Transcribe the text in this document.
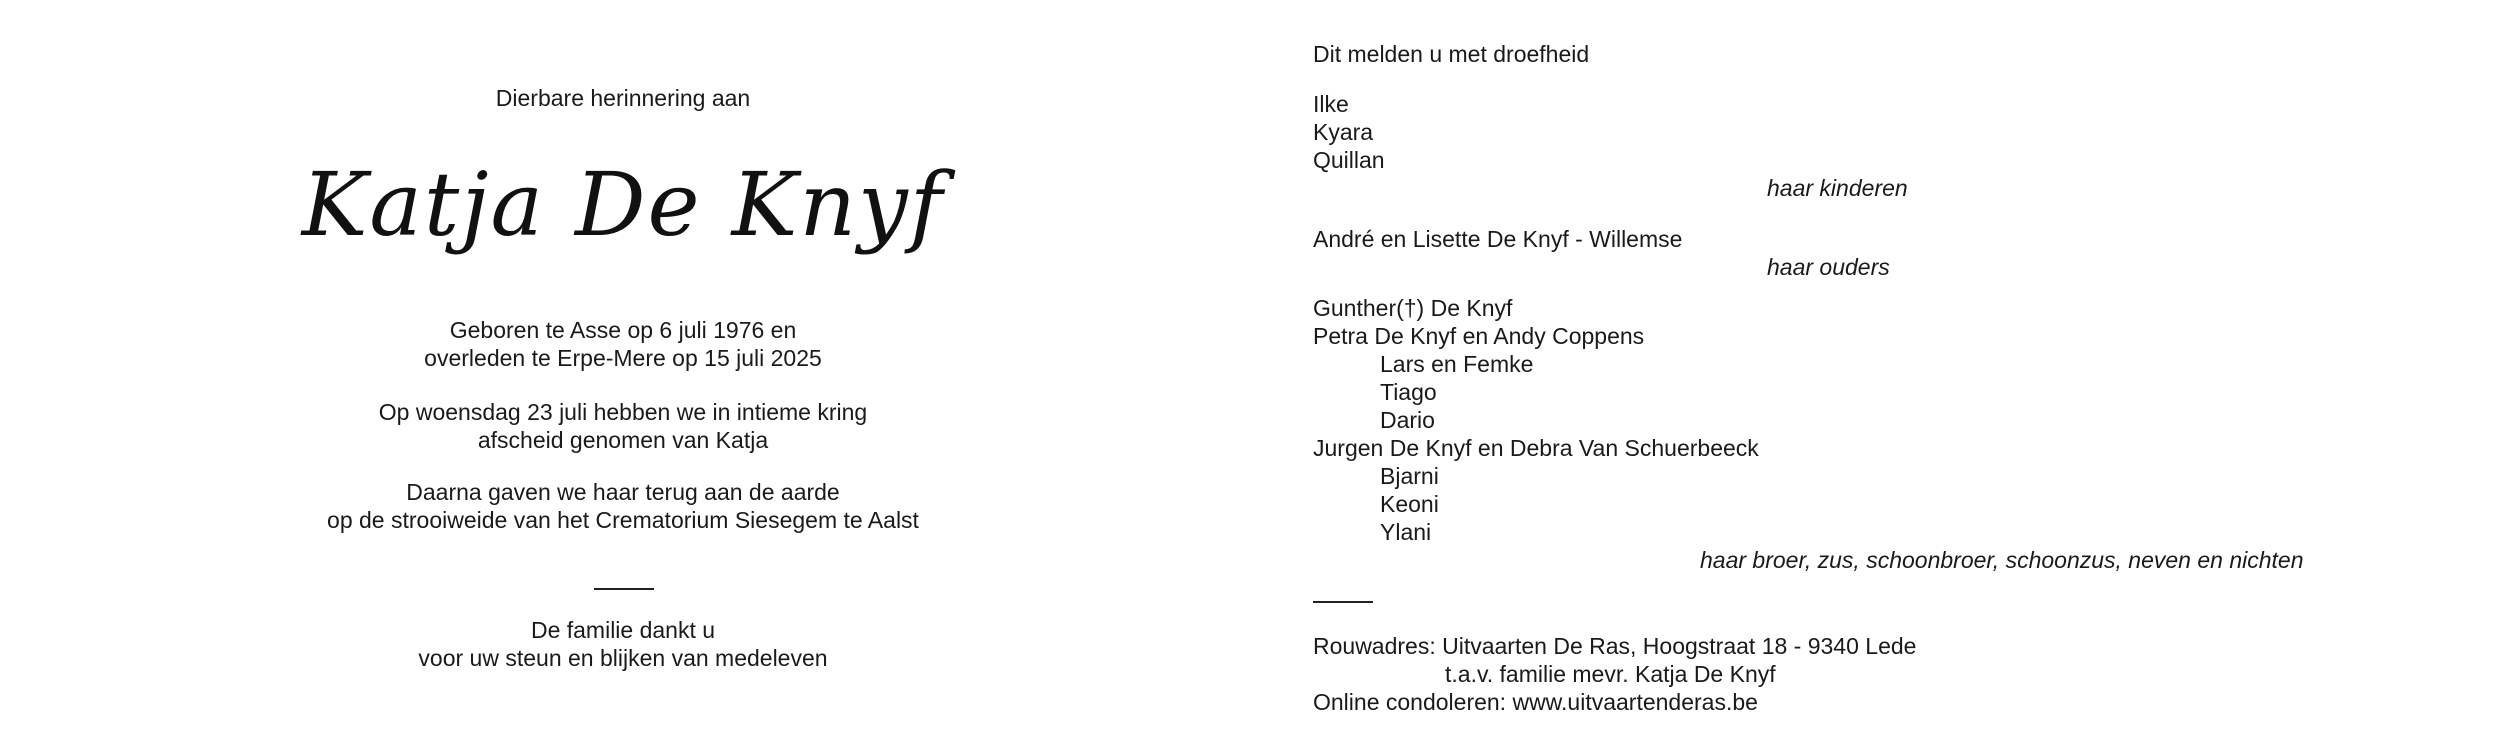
Dierbare herinnering aan
Katja De Knyf
Geboren te Asse op 6 juli 1976 en
overleden te Erpe-Mere op 15 juli 2025
Op woensdag 23 juli hebben we in intieme kring
afscheid genomen van Katja
Daarna gaven we haar terug aan de aarde
op de strooiweide van het Crematorium Siesegem te Aalst
De familie dankt u
voor uw steun en blijken van medeleven
Dit melden u met droefheid
Ilke
Kyara
Quillan
haar kinderen
André en Lisette De Knyf - Willemse
haar ouders
Gunther(†) De Knyf
Petra De Knyf en Andy Coppens
Lars en Femke
Tiago
Dario
Jurgen De Knyf en Debra Van Schuerbeeck
Bjarni
Keoni
Ylani
haar broer, zus, schoonbroer, schoonzus, neven en nichten
Rouwadres: Uitvaarten De Ras, Hoogstraat 18 - 9340 Lede
t.a.v. familie mevr. Katja De Knyf
Online condoleren: www.uitvaartenderas.be
